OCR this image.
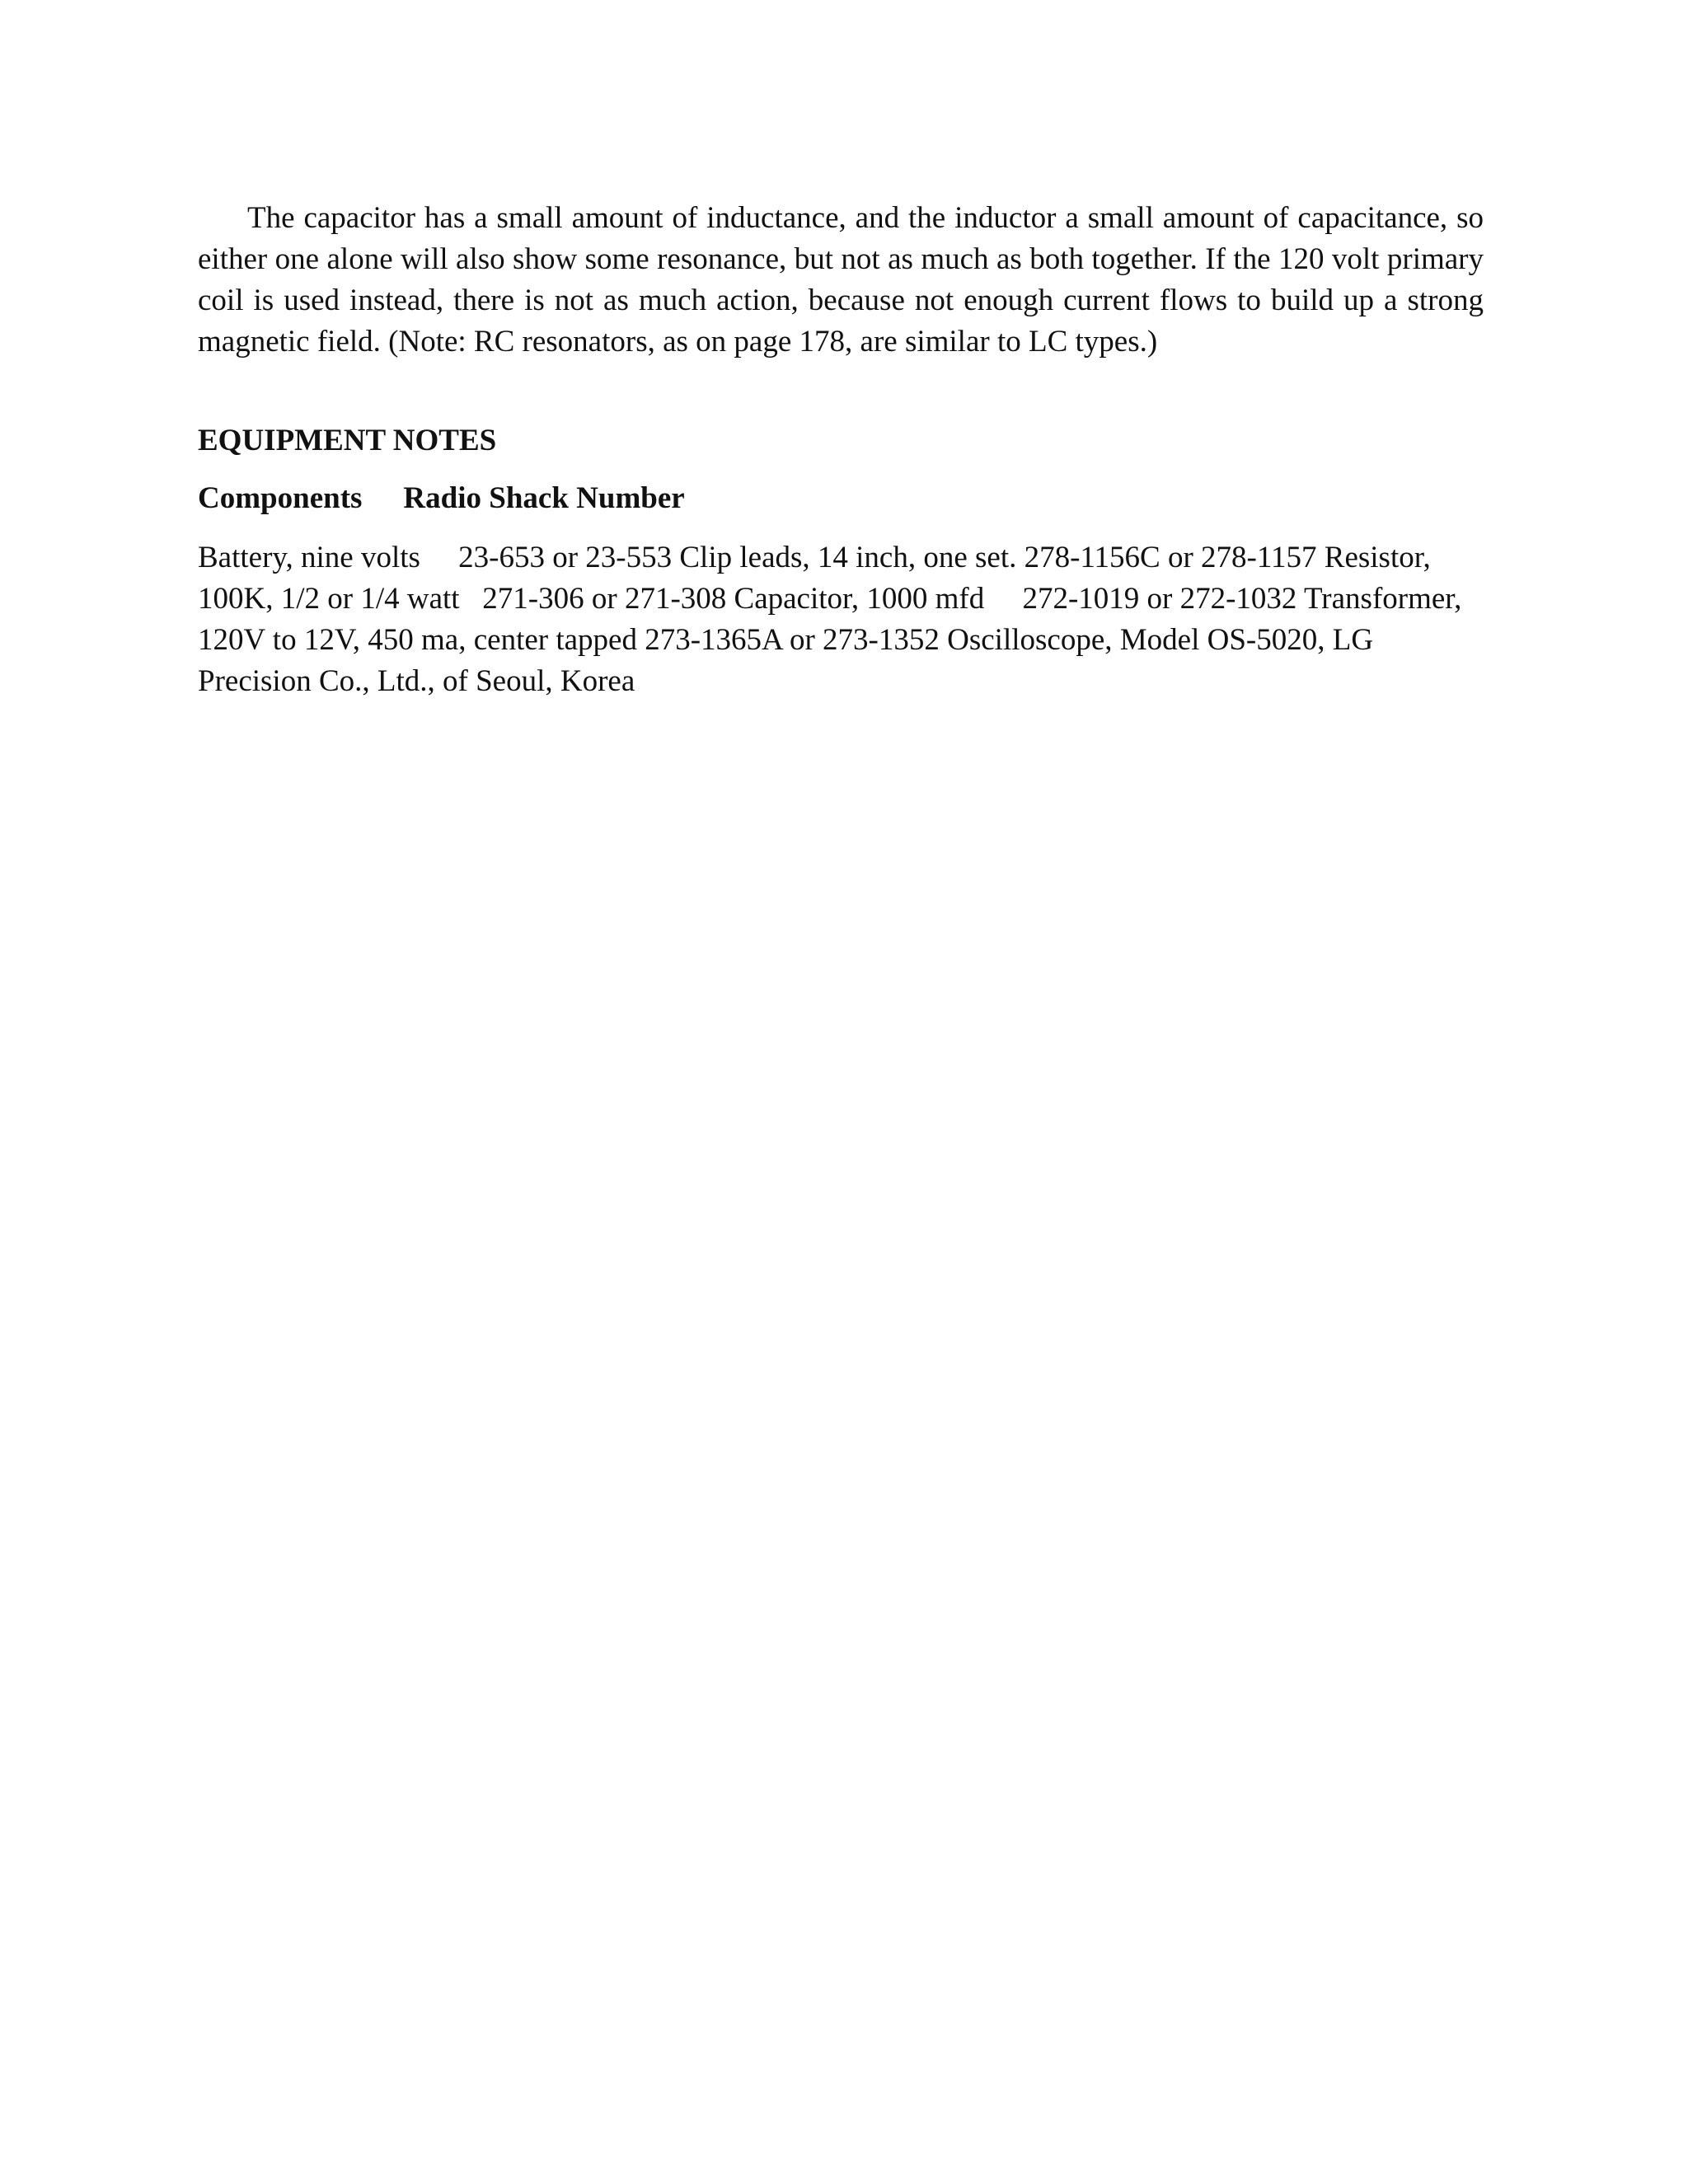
The capacitor has a small amount of inductance, and the inductor a small amount of capacitance, so either one alone will also show some resonance, but not as much as both together. If the 120 volt primary coil is used instead, there is not as much action, because not enough current flows to build up a strong magnetic field. (Note: RC resonators, as on page 178, are similar to LC types.)

EQUIPMENT NOTES
Components Radio Shack Number

Battery, nine volts     23-653 or 23-553 Clip leads, 14 inch, one set. 278-1156C or 278-1157 Resistor, 100K, 1/2 or 1/4 watt   271-306 or 271-308 Capacitor, 1000 mfd     272-1019 or 272-1032 Transformer, 120V to 12V, 450 ma, center tapped 273-1365A or 273-1352 Oscilloscope, Model OS-5020, LG Precision Co., Ltd., of Seoul, Korea
